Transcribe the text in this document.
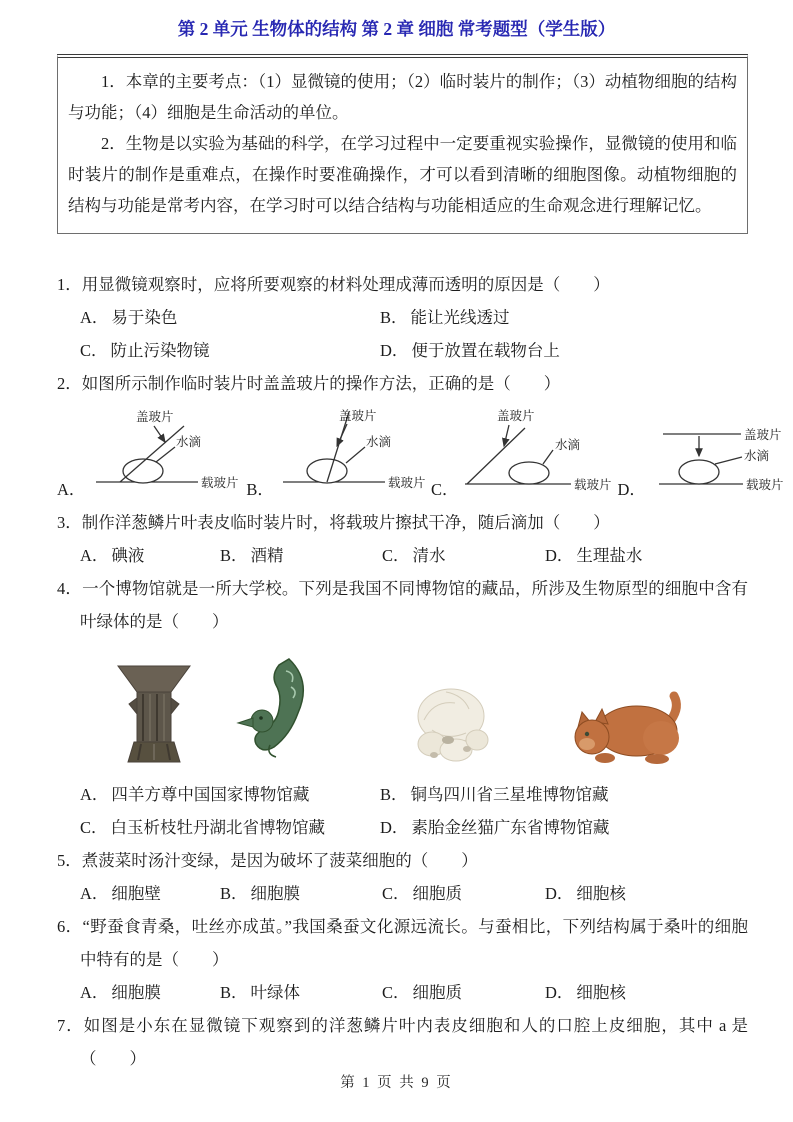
第 2 单元 生物体的结构 第 2 章 细胞 常考题型（学生版）

1．本章的主要考点：（1）显微镜的使用；（2）临时装片的制作；（3）动植物细胞的结构与功能；（4）细胞是生命活动的单位。

2．生物是以实验为基础的科学，在学习过程中一定要重视实验操作，显微镜的使用和临时装片的制作是重难点，在操作时要准确操作，才可以看到清晰的细胞图像。动植物细胞的结构与功能是常考内容，在学习时可以结合结构与功能相适应的生命观念进行理解记忆。

1．用显微镜观察时，应将所要观察的材料处理成薄而透明的原因是（　　）

A． 易于染色	B． 能让光线透过
C． 防止污染物镜	D． 便于放置在载物台上

2．如图所示制作临时装片时盖盖玻片的操作方法，正确的是（　　）

A．
盖玻片
水滴
载玻片 B．
盖玻片
水滴
载玻片 C．
盖玻片
水滴
载玻片 D．
盖玻片
水滴
载玻片

3．制作洋葱鳞片叶表皮临时装片时，将载玻片擦拭干净，随后滴加（　　）

A． 碘液	B． 酒精	C． 清水	D． 生理盐水

4．一个博物馆就是一所大学校。下列是我国不同博物馆的藏品，所涉及生物原型的细胞中含有叶绿体的是（　　）

A． 四羊方尊中国国家博物馆藏	B． 铜鸟四川省三星堆博物馆藏
C． 白玉析枝牡丹湖北省博物馆藏	D． 素胎金丝猫广东省博物馆藏

5．煮菠菜时汤汁变绿，是因为破坏了菠菜细胞的（　　）

A． 细胞壁	B． 细胞膜	C． 细胞质	D． 细胞核

6．“野蚕食青桑，吐丝亦成茧。”我国桑蚕文化源远流长。与蚕相比，下列结构属于桑叶的细胞中特有的是（　　）

A． 细胞膜	B． 叶绿体	C． 细胞质	D． 细胞核

7．如图是小东在显微镜下观察到的洋葱鳞片叶内表皮细胞和人的口腔上皮细胞，其中 a 是（　　）

第 1 页 共 9 页
